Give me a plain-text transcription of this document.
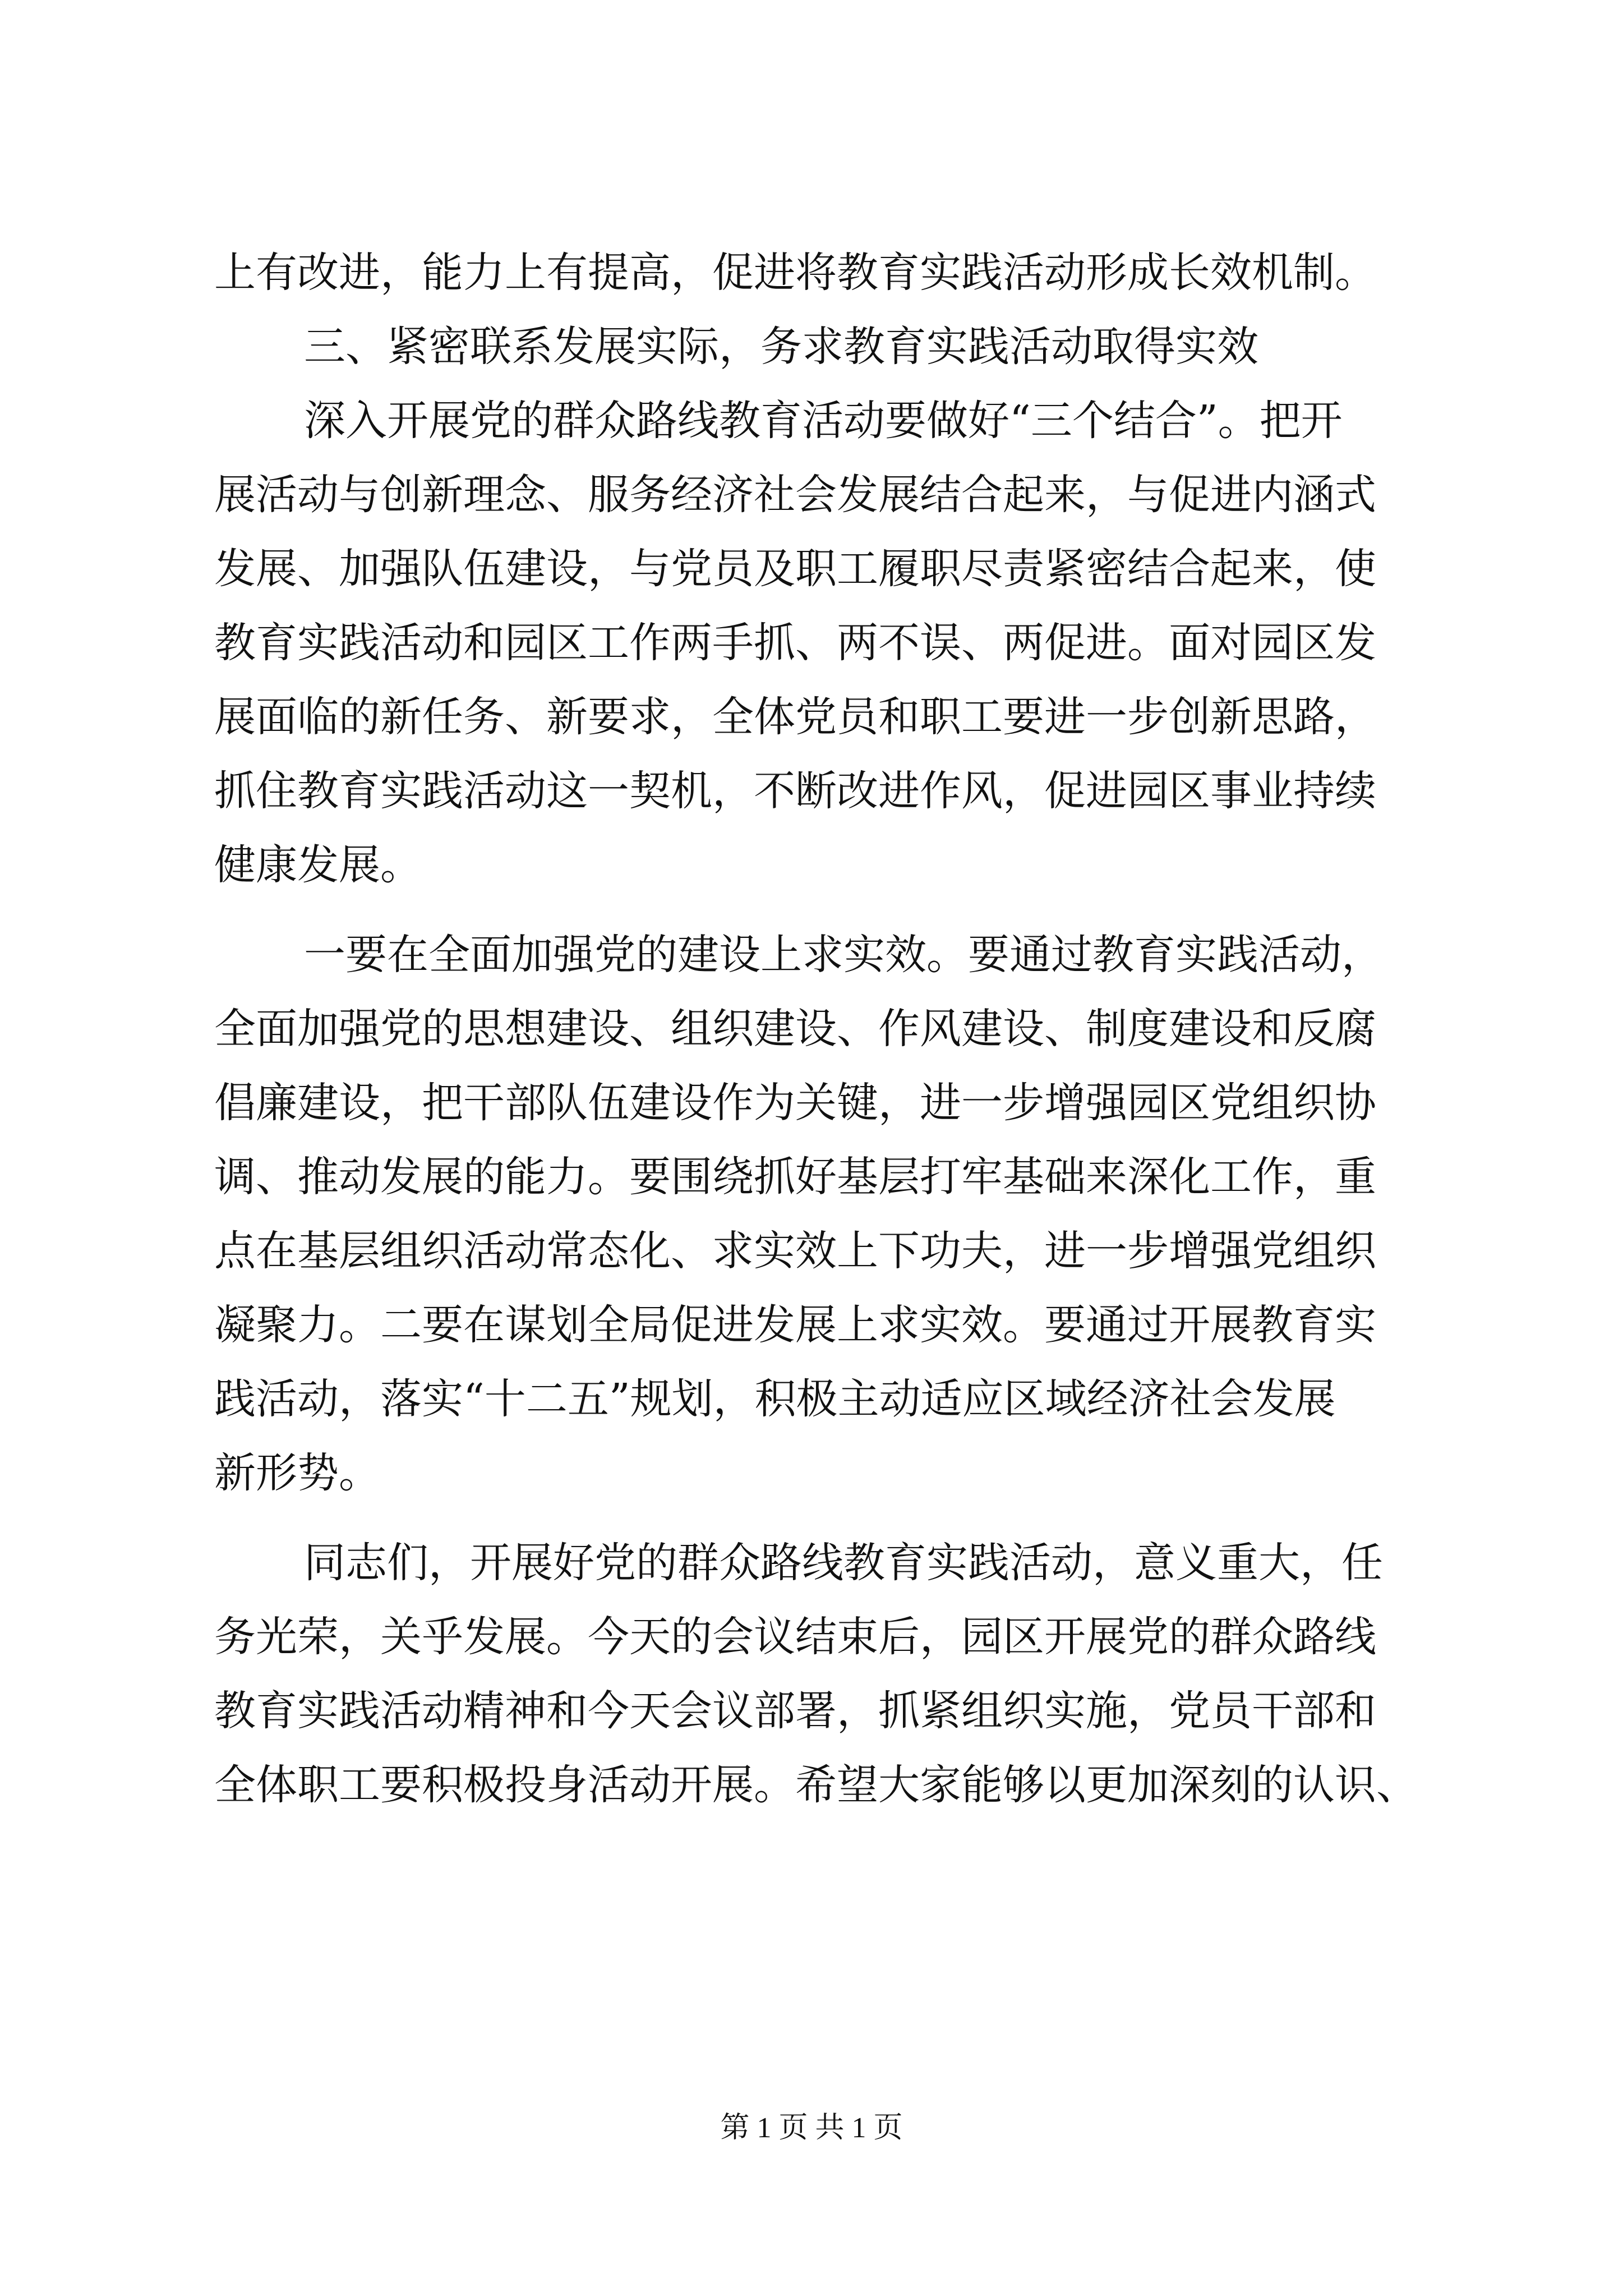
上有改进，能力上有提高，促进将教育实践活动形成长效机制。
三、紧密联系发展实际，务求教育实践活动取得实效
深入开展党的群众路线教育活动要做好“三个结合”。把开
展活动与创新理念、服务经济社会发展结合起来，与促进内涵式
发展、加强队伍建设，与党员及职工履职尽责紧密结合起来，使
教育实践活动和园区工作两手抓、两不误、两促进。面对园区发
展面临的新任务、新要求，全体党员和职工要进一步创新思路，
抓住教育实践活动这一契机，不断改进作风，促进园区事业持续
健康发展。
一要在全面加强党的建设上求实效。要通过教育实践活动，
全面加强党的思想建设、组织建设、作风建设、制度建设和反腐
倡廉建设，把干部队伍建设作为关键，进一步增强园区党组织协
调、推动发展的能力。要围绕抓好基层打牢基础来深化工作，重
点在基层组织活动常态化、求实效上下功夫，进一步增强党组织
凝聚力。二要在谋划全局促进发展上求实效。要通过开展教育实
践活动，落实“十二五”规划，积极主动适应区域经济社会发展
新形势。
同志们，开展好党的群众路线教育实践活动，意义重大，任
务光荣，关乎发展。今天的会议结束后，园区开展党的群众路线
教育实践活动精神和今天会议部署，抓紧组织实施，党员干部和
全体职工要积极投身活动开展。希望大家能够以更加深刻的认识、
第 1 页 共 1 页
